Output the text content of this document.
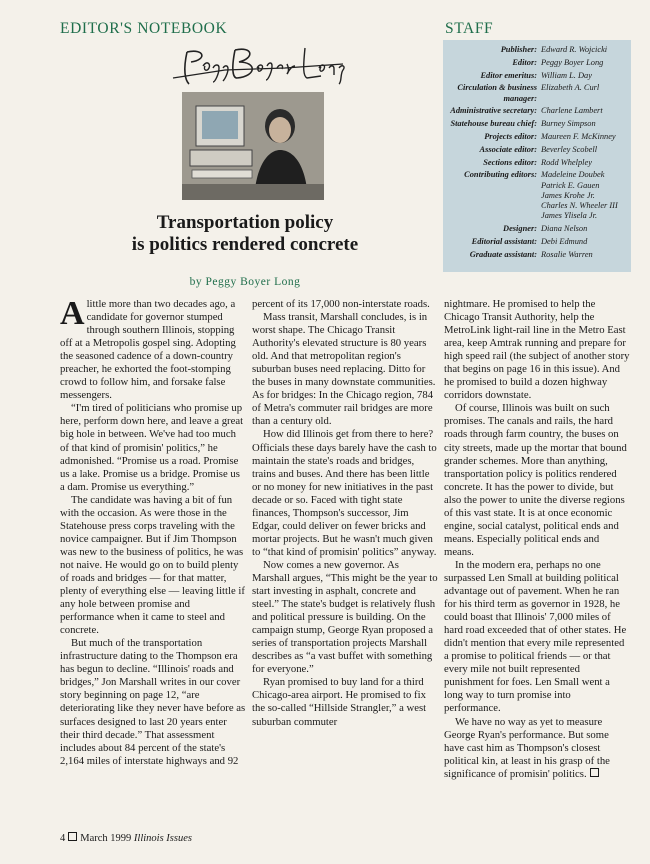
EDITOR'S NOTEBOOK	STAFF
Transportation policy
is politics rendered concrete
by Peggy Boyer Long
Publisher: Edward R. Wojcicki
Editor: Peggy Boyer Long
Editor emeritus: William L. Day
Circulation & business manager:
Elizabeth A. Curl
Administrative secretary: Charlene Lambert
Statehouse bureau chief: Burney Simpson
Projects editor: Maureen F. McKinney
Associate editor: Beverley Scobell
Sections editor: Rodd Whelpley
Contributing editors: Madeleine Doubek
Patrick E. Gauen
James Krohe Jr.
Charles N. Wheeler III
James Ylisela Jr.
Designer: Diana Nelson
Editorial assistant: Debi Edmund
Graduate assistant: Rosalie Warren

Alittle more than two decades ago, a candidate for governor stumped through southern Illinois, stopping off at a Metropolis gospel sing. Adopting the seasoned cadence of a down-country preacher, he exhorted the foot-stomping crowd to follow him, and forsake false messengers.

“I'm tired of politicians who promise up here, perform down here, and leave a great big hole in between. We've had too much of that kind of promisin' politics,” he admonished. “Promise us a road. Promise us a lake. Promise us a bridge. Promise us a dam. Promise us everything.”

The candidate was having a bit of fun with the occasion. As were those in the Statehouse press corps traveling with the novice campaigner. But if Jim Thompson was new to the business of politics, he was not naive. He would go on to build plenty of roads and bridges — for that matter, plenty of everything else — leaving little if any hole between promise and performance when it came to steel and concrete.

But much of the transportation infrastructure dating to the Thompson era has begun to decline. “Illinois' roads and bridges,” Jon Marshall writes in our cover story beginning on page 12, “are deteriorating like they never have before as surfaces designed to last 20 years enter their third decade.” That assessment includes about 84 percent of the state's 2,164 miles of interstate highways and 92

percent of its 17,000 non-interstate roads.

Mass transit, Marshall concludes, is in worst shape. The Chicago Transit Authority's elevated structure is 80 years old. And that metropolitan region's suburban buses need replacing. Ditto for the buses in many downstate communities. As for bridges: In the Chicago region, 784 of Metra's commuter rail bridges are more than a century old.

How did Illinois get from there to here? Officials these days barely have the cash to maintain the state's roads and bridges, trains and buses. And there has been little or no money for new initiatives in the past decade or so. Faced with tight state finances, Thompson's successor, Jim Edgar, could deliver on fewer bricks and mortar projects. But he wasn't much given to “that kind of promisin' politics” anyway.

Now comes a new governor. As Marshall argues, “This might be the year to start investing in asphalt, concrete and steel.” The state's budget is relatively flush and political pressure is building. On the campaign stump, George Ryan proposed a series of transportation projects Marshall describes as “a vast buffet with something for everyone.”

Ryan promised to buy land for a third Chicago-area airport. He promised to fix the so-called “Hillside Strangler,” a west suburban commuter

nightmare. He promised to help the Chicago Transit Authority, help the MetroLink light-rail line in the Metro East area, keep Amtrak running and prepare for high speed rail (the subject of another story that begins on page 16 in this issue). And he promised to build a dozen highway corridors downstate.

Of course, Illinois was built on such promises. The canals and rails, the hard roads through farm country, the buses on city streets, made up the mortar that bound grander schemes. More than anything, transportation policy is politics rendered concrete. It has the power to divide, but also the power to unite the diverse regions of this vast state. It is at once economic engine, social catalyst, political ends and means. Especially political ends and means.

In the modern era, perhaps no one surpassed Len Small at building political advantage out of pavement. When he ran for his third term as governor in 1928, he could boast that Illinois' 7,000 miles of hard road exceeded that of other states. He didn't mention that every mile represented a promise to political friends — or that every mile not built represented punishment for foes. Len Small went a long way to turn promise into performance.

We have no way as yet to measure George Ryan's performance. But some have cast him as Thompson's closest political kin, at least in his grasp of the significance of promisin' politics.

4 March 1999 Illinois Issues
